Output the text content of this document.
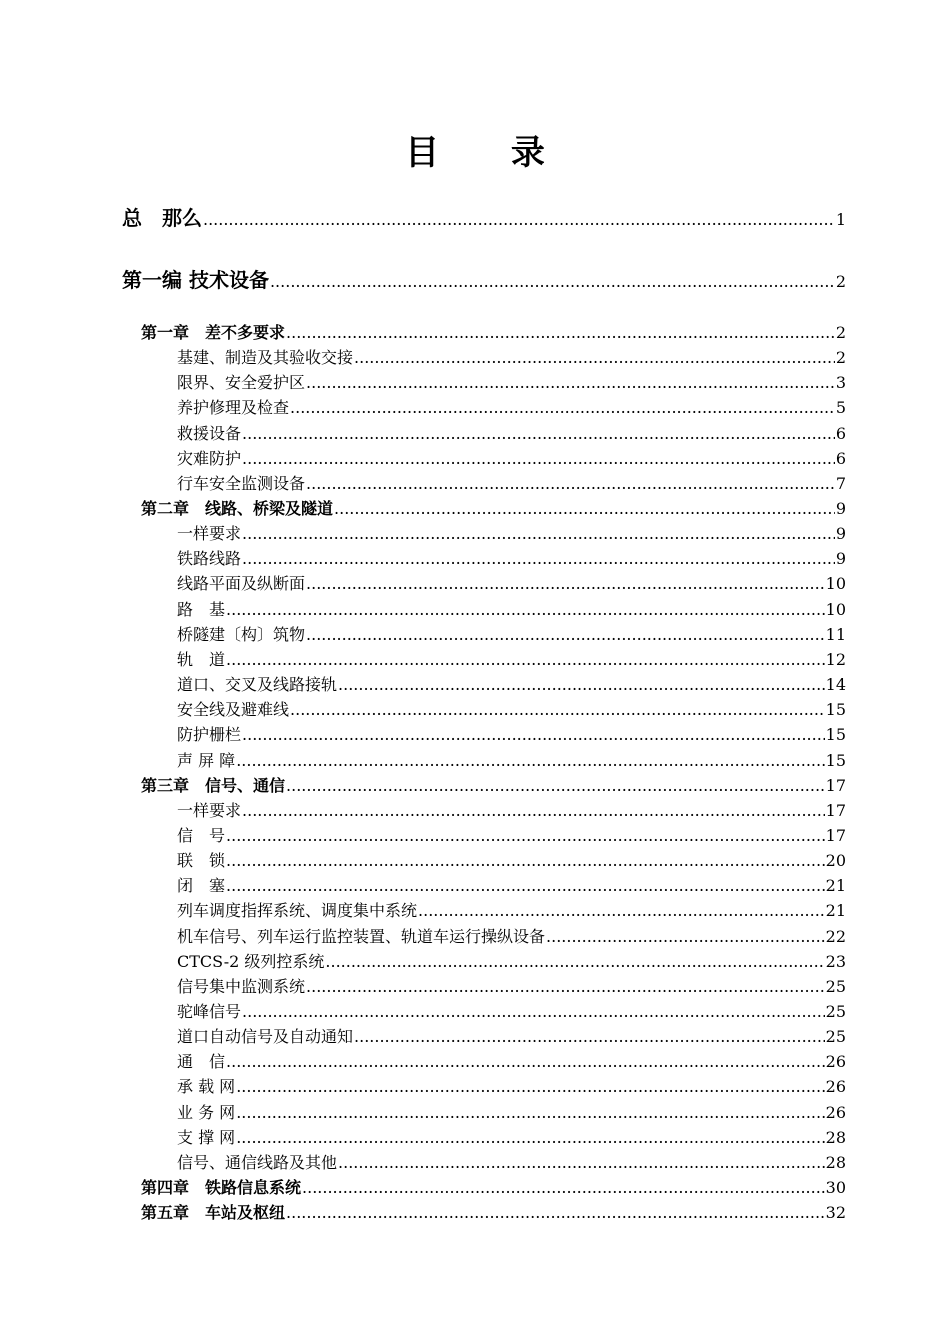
目 录
总　那么 .....	1
第一编 技术设备 .....	2
第一章　差不多要求 .....	2
基建、制造及其验收交接 .....	2
限界、安全爱护区 .....	3
养护修理及检查 .....	5
救援设备 .....	6
灾难防护 .....	6
行车安全监测设备 .....	7
第二章　线路、桥梁及隧道 .....	9
一样要求 .....	9
铁路线路 .....	9
线路平面及纵断面 .....	10
路　基 .....	10
桥隧建〔构〕筑物 .....	11
轨　道 .....	12
道口、交叉及线路接轨 .....	14
安全线及避难线 .....	15
防护栅栏 .....	15
声 屏 障 .....	15
第三章　信号、通信 .....	17
一样要求 .....	17
信　号 .....	17
联　锁 .....	20
闭　塞 .....	21
列车调度指挥系统、调度集中系统 .....	21
机车信号、列车运行监控装置、轨道车运行操纵设备 .....	22
CTCS-2 级列控系统 .....	23
信号集中监测系统 .....	25
驼峰信号 .....	25
道口自动信号及自动通知 .....	25
通　信 .....	26
承 载 网 .....	26
业 务 网 .....	26
支 撑 网 .....	28
信号、通信线路及其他 .....	28
第四章　铁路信息系统 .....	30
第五章　车站及枢纽 .....	32
